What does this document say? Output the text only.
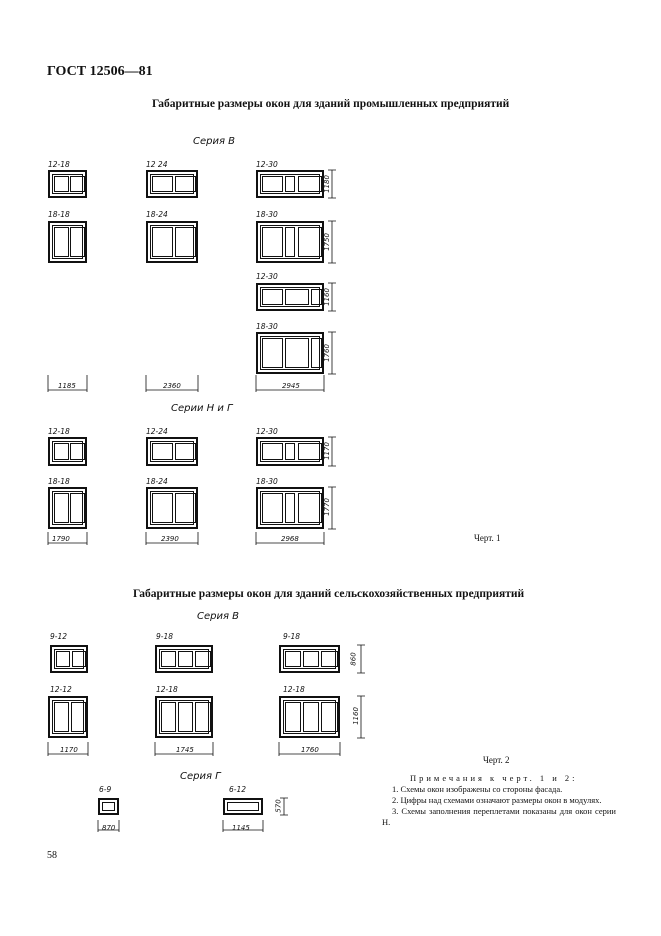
ГОСТ 12506—81
Габаритные размеры окон для зданий промышленных предприятий
Серия В
12-18	12 24	12-30
1180
18-18	18-24	18-30
1750
12-30
1160
18-30
1760
1185	2360	2945
Серии Н и Г
12-18	12-24	12-30
1170
18-18	18-24	18-30
1770
1790	2390	2968	Черт. 1
Габаритные размеры окон для зданий сельскохозяйственных предприятий
Серия В
9-12	9-18	9-18
860
12-12	12-18	12-18
1160
1170	1745	1760
Черт. 2
Серия Г
6-9	6-12
570
870	1145

Примечания к черт. 1 и 2:

1. Схемы окон изображены со стороны фасада.

2. Цифры над схемами означают размеры окон в модулях.

3. Схемы заполнения переплетами показаны для окон серии Н.

58
